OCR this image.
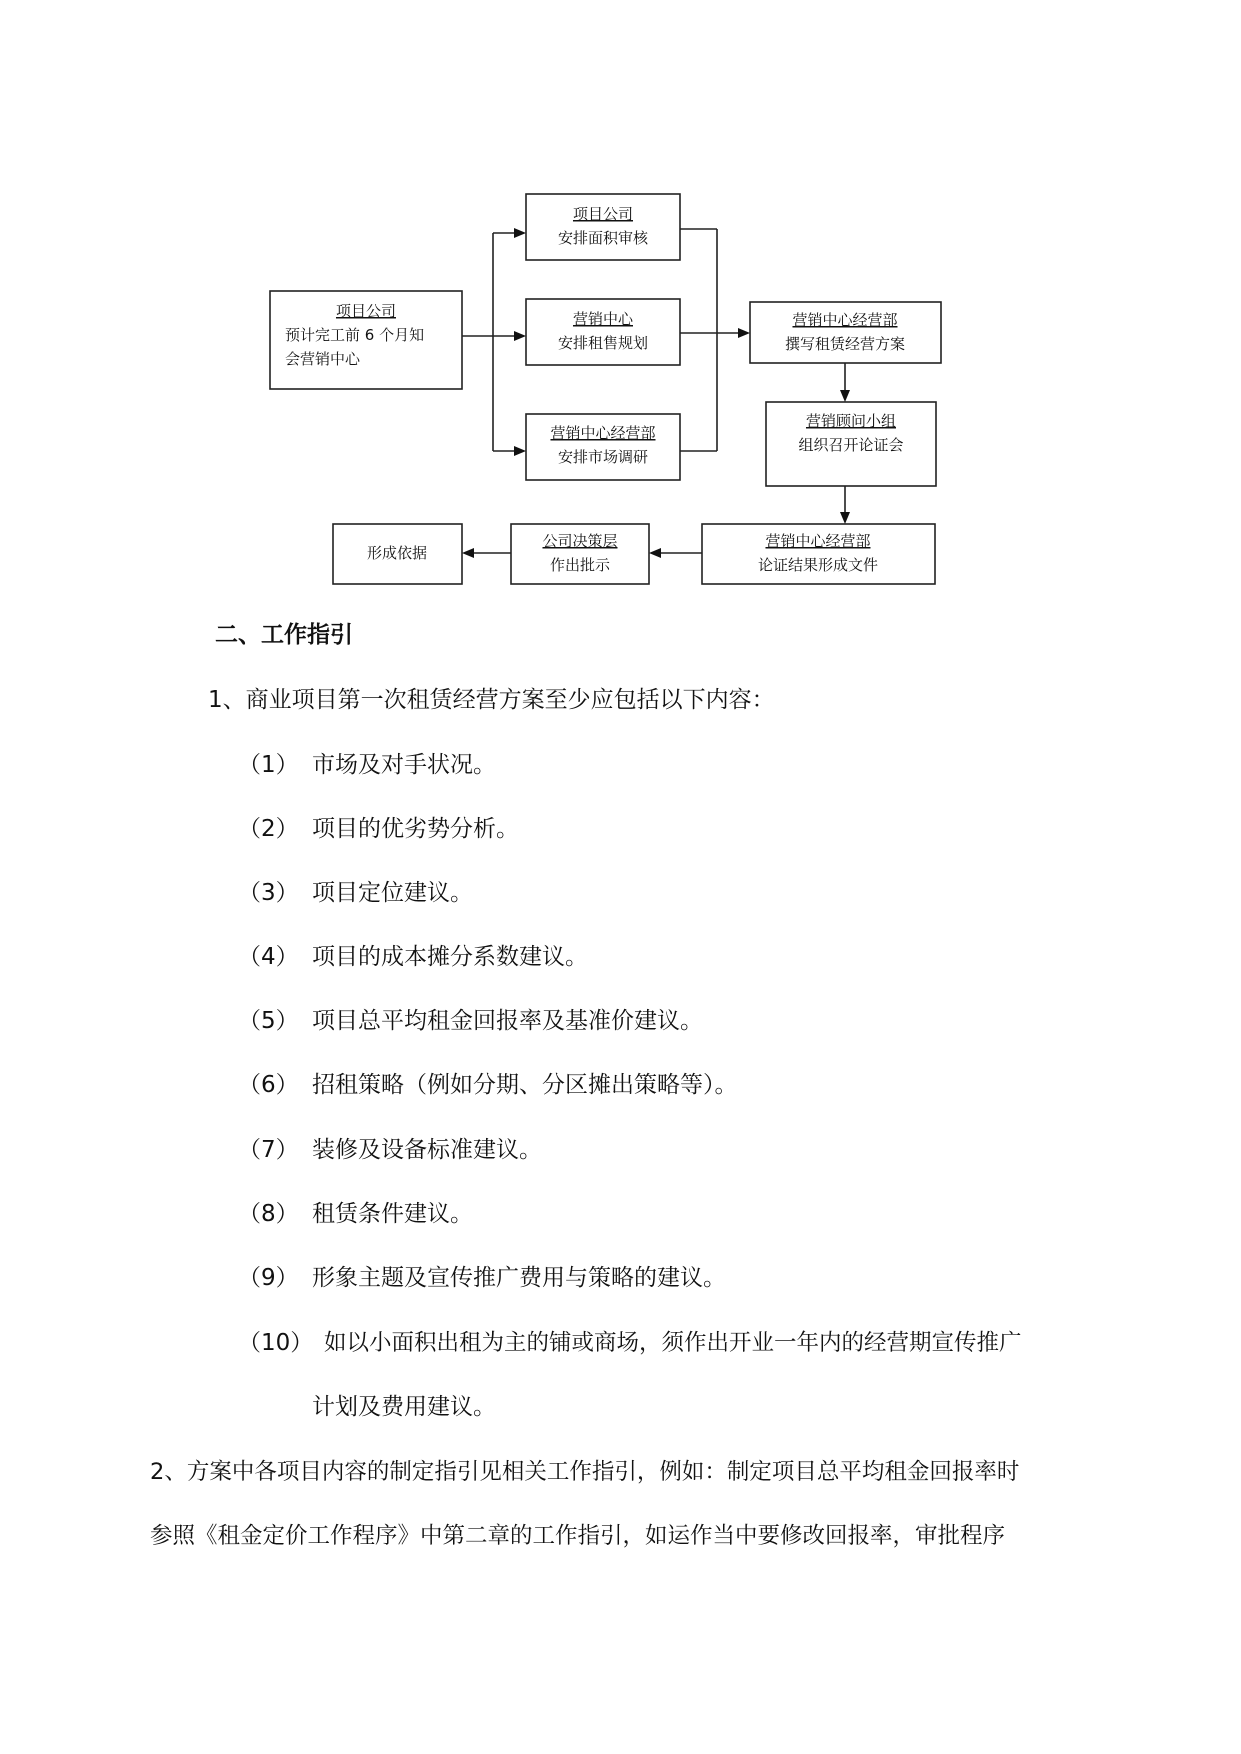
项目公司
预计完工前 6 个月知
会营销中心
项目公司
安排面积审核
营销中心
安排租售规划
营销中心经营部
安排市场调研
营销中心经营部
撰写租赁经营方案
营销顾问小组
组织召开论证会
营销中心经营部
论证结果形成文件
公司决策层
作出批示
形成依据
二、工作指引
1、商业项目第一次租赁经营方案至少应包括以下内容：
（1） 市场及对手状况。
（2） 项目的优劣势分析。
（3） 项目定位建议。
（4） 项目的成本摊分系数建议。
（5） 项目总平均租金回报率及基准价建议。
（6） 招租策略（例如分期、分区摊出策略等）。
（7） 装修及设备标准建议。
（8） 租赁条件建议。
（9） 形象主题及宣传推广费用与策略的建议。
（10） 如以小面积出租为主的铺或商场，须作出开业一年内的经营期宣传推广
计划及费用建议。
2、方案中各项目内容的制定指引见相关工作指引，例如：制定项目总平均租金回报率时
参照《租金定价工作程序》中第二章的工作指引，如运作当中要修改回报率，审批程序
